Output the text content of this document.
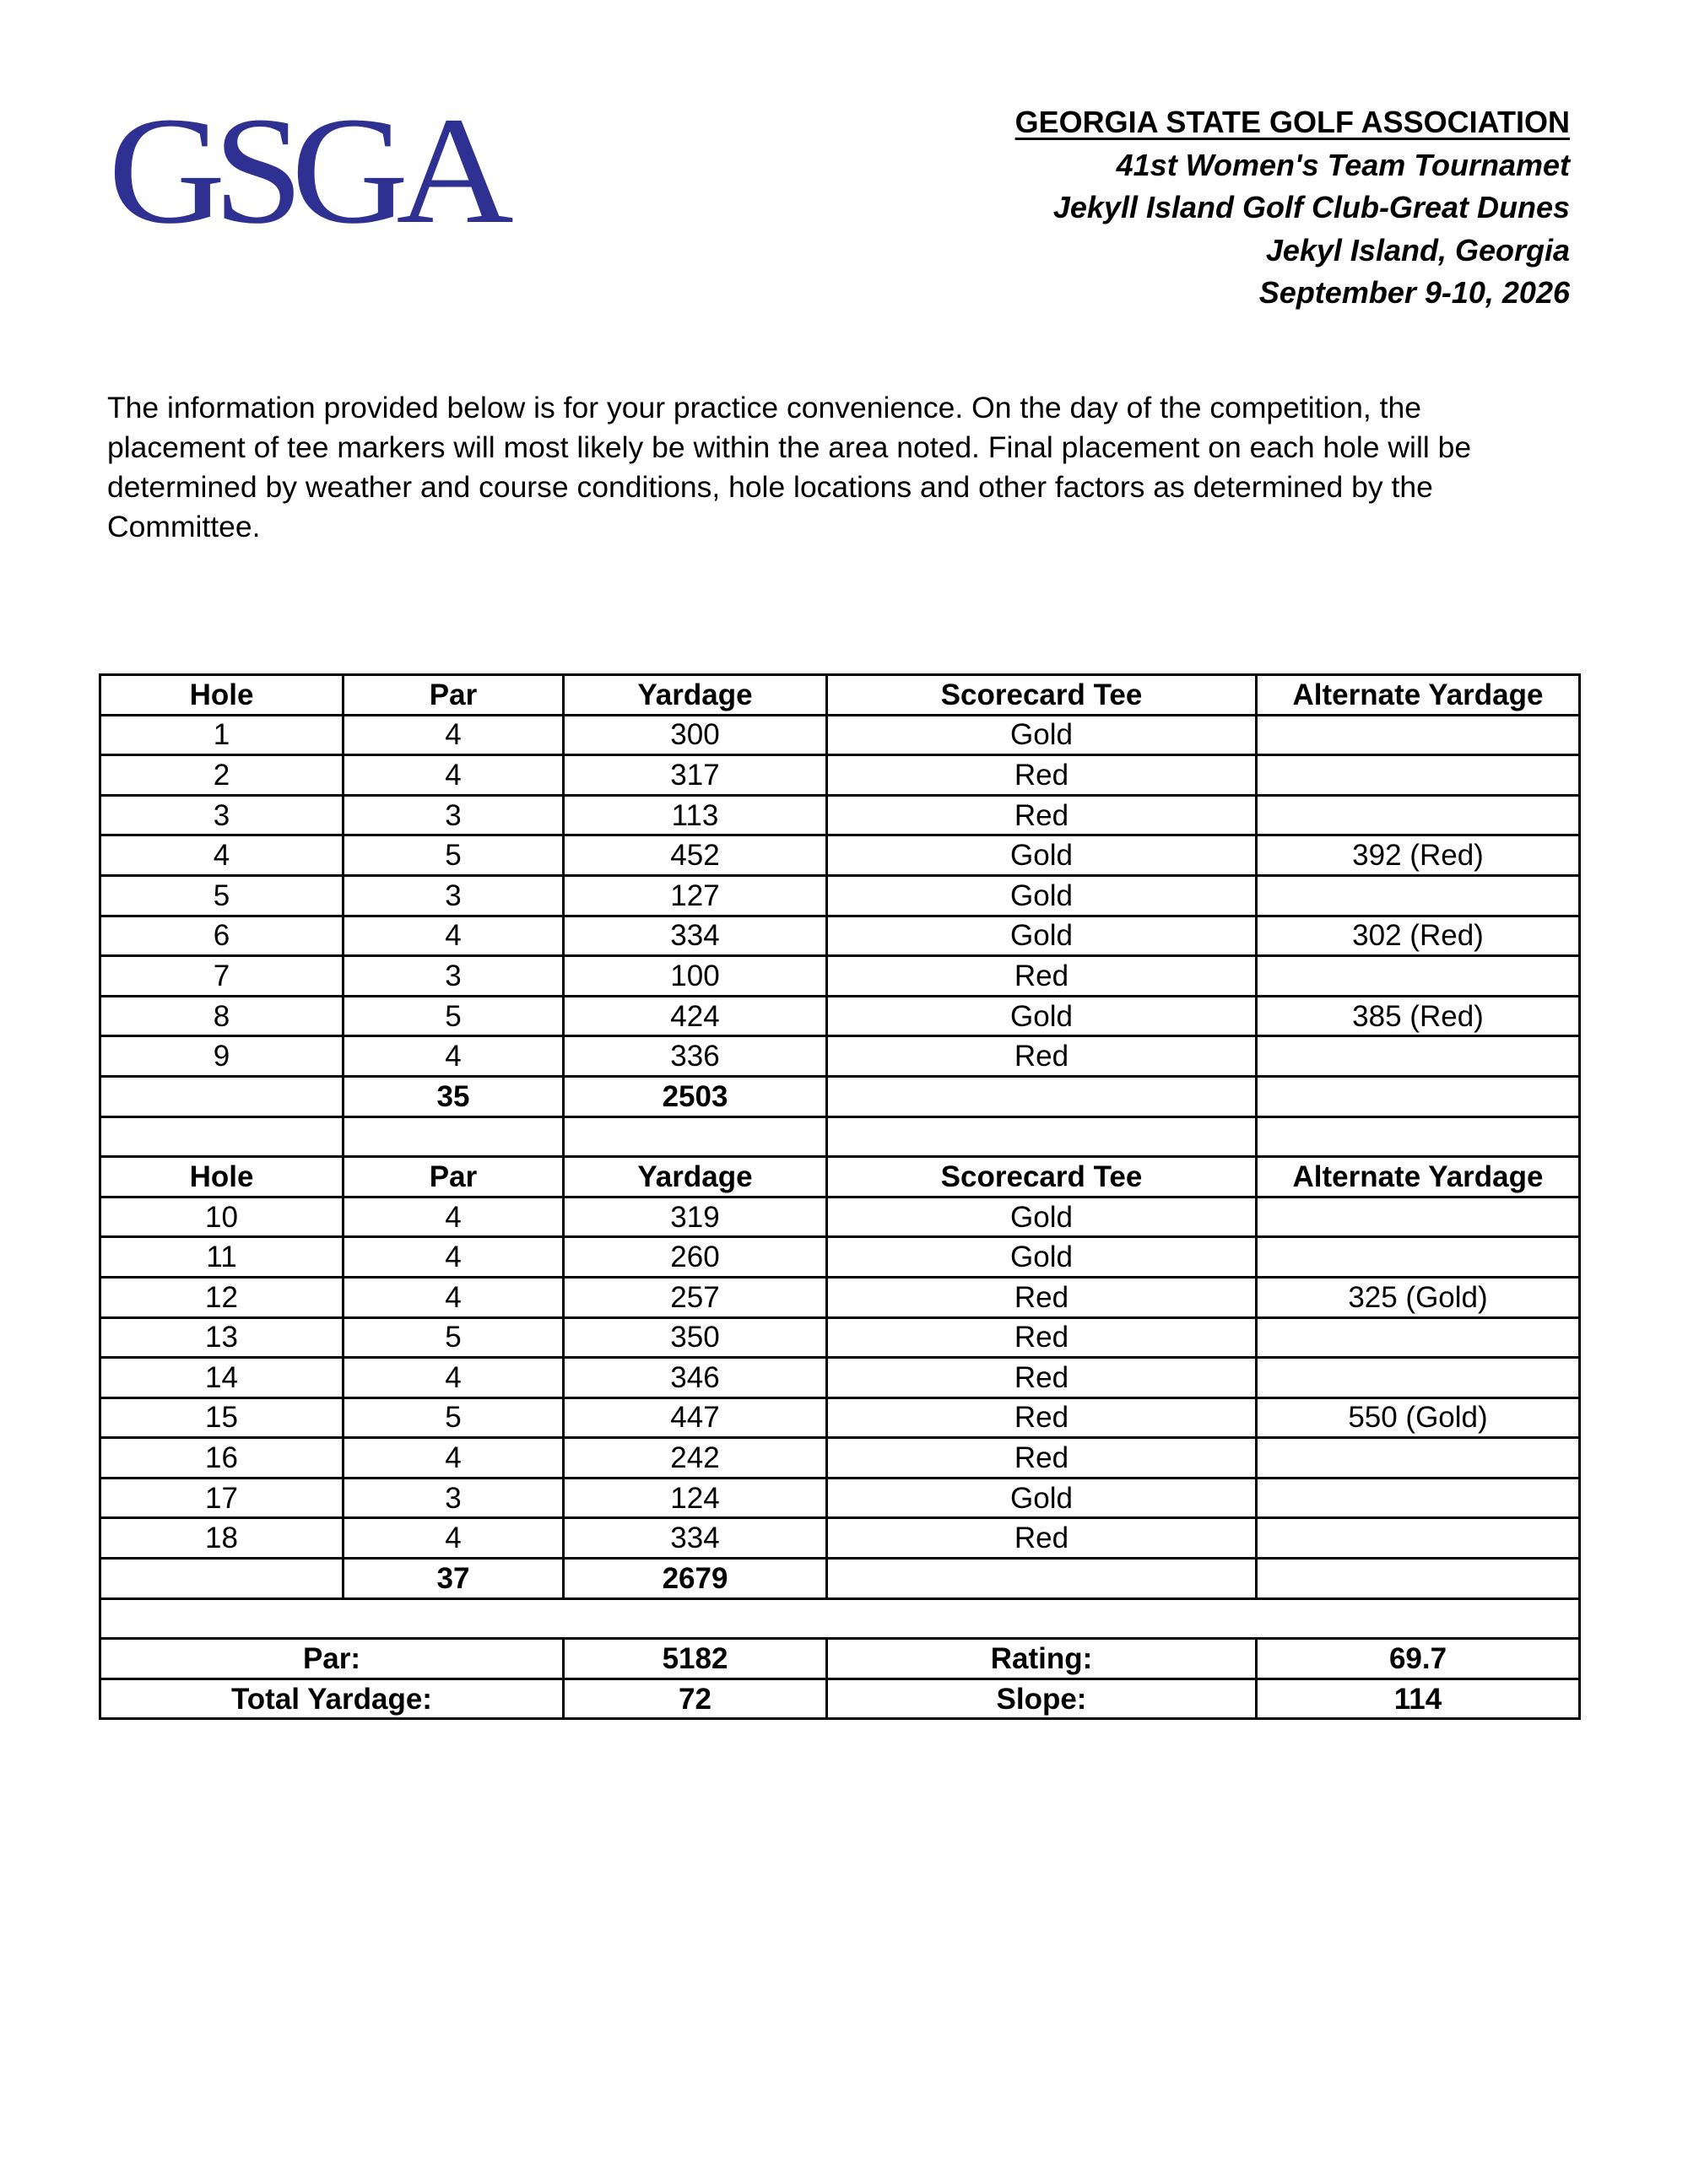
GSGA	GEORGIA STATE GOLF ASSOCIATION
41st Women's Team Tournamet
Jekyll Island Golf Club-Great Dunes
Jekyl Island, Georgia
September 9-10, 2026
The information provided below is for your practice convenience. On the day of the competition, the placement of tee markers will most likely be within the area noted. Final placement on each hole will be determined by weather and course conditions, hole locations and other factors as determined by the Committee.
Hole	Par	Yardage	Scorecard Tee	Alternate Yardage
1	4	300	Gold	
2	4	317	Red	
3	3	113	Red	
4	5	452	Gold	392 (Red)
5	3	127	Gold	
6	4	334	Gold	302 (Red)
7	3	100	Red	
8	5	424	Gold	385 (Red)
9	4	336	Red	
	35	2503		

Hole	Par	Yardage	Scorecard Tee	Alternate Yardage
10	4	319	Gold	
11	4	260	Gold	
12	4	257	Red	325 (Gold)
13	5	350	Red	
14	4	346	Red	
15	5	447	Red	550 (Gold)
16	4	242	Red	
17	3	124	Gold	
18	4	334	Red	
	37	2679		

Par:		5182	Rating:	69.7
Total Yardage:		72	Slope:	114
